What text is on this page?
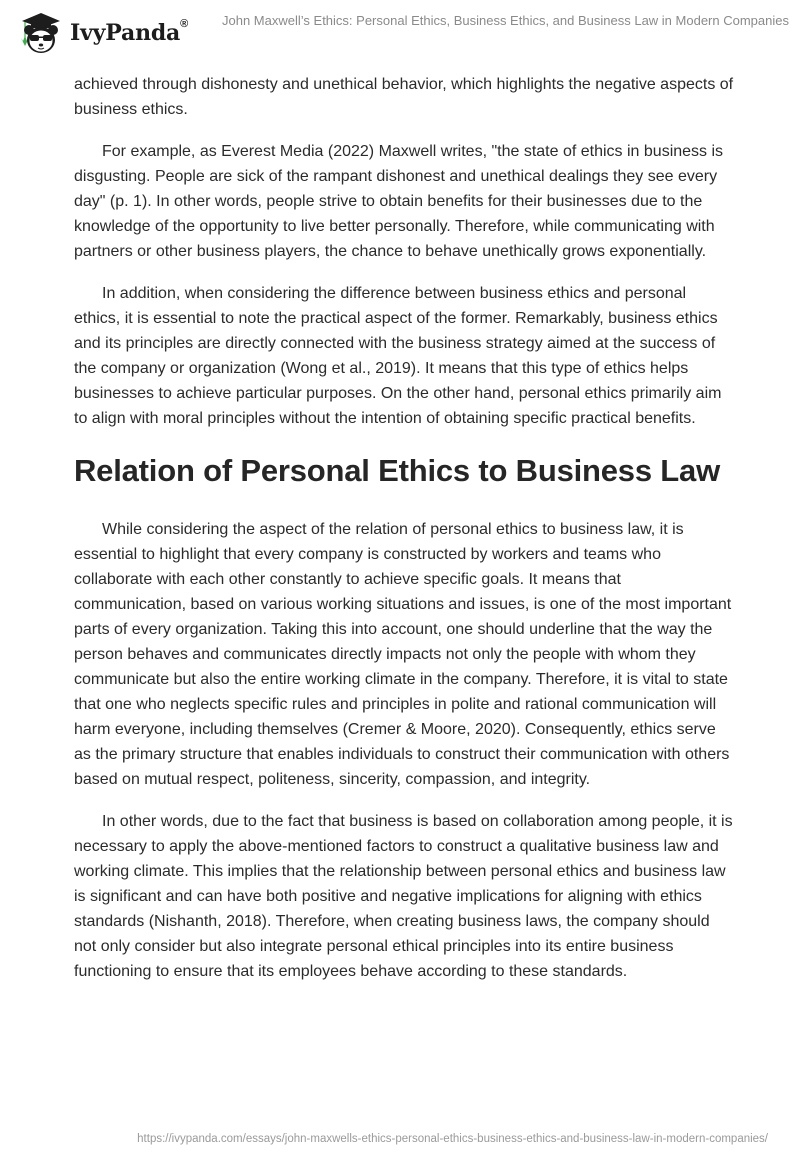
IvyPanda®	John Maxwell’s Ethics: Personal Ethics, Business Ethics, and Business Law in Modern Companies

achieved through dishonesty and unethical behavior, which highlights the negative aspects of business ethics.

For example, as Everest Media (2022) Maxwell writes, "the state of ethics in business is disgusting. People are sick of the rampant dishonest and unethical dealings they see every day" (p. 1). In other words, people strive to obtain benefits for their businesses due to the knowledge of the opportunity to live better personally. Therefore, while communicating with partners or other business players, the chance to behave unethically grows exponentially.

In addition, when considering the difference between business ethics and personal ethics, it is essential to note the practical aspect of the former. Remarkably, business ethics and its principles are directly connected with the business strategy aimed at the success of the company or organization (Wong et al., 2019). It means that this type of ethics helps businesses to achieve particular purposes. On the other hand, personal ethics primarily aim to align with moral principles without the intention of obtaining specific practical benefits.

Relation of Personal Ethics to Business Law

While considering the aspect of the relation of personal ethics to business law, it is essential to highlight that every company is constructed by workers and teams who collaborate with each other constantly to achieve specific goals. It means that communication, based on various working situations and issues, is one of the most important parts of every organization. Taking this into account, one should underline that the way the person behaves and communicates directly impacts not only the people with whom they communicate but also the entire working climate in the company. Therefore, it is vital to state that one who neglects specific rules and principles in polite and rational communication will harm everyone, including themselves (Cremer & Moore, 2020). Consequently, ethics serve as the primary structure that enables individuals to construct their communication with others based on mutual respect, politeness, sincerity, compassion, and integrity.

In other words, due to the fact that business is based on collaboration among people, it is necessary to apply the above-mentioned factors to construct a qualitative business law and working climate. This implies that the relationship between personal ethics and business law is significant and can have both positive and negative implications for aligning with ethics standards (Nishanth, 2018). Therefore, when creating business laws, the company should not only consider but also integrate personal ethical principles into its entire business functioning to ensure that its employees behave according to these standards.

https://ivypanda.com/essays/john-maxwells-ethics-personal-ethics-business-ethics-and-business-law-in-modern-companies/
